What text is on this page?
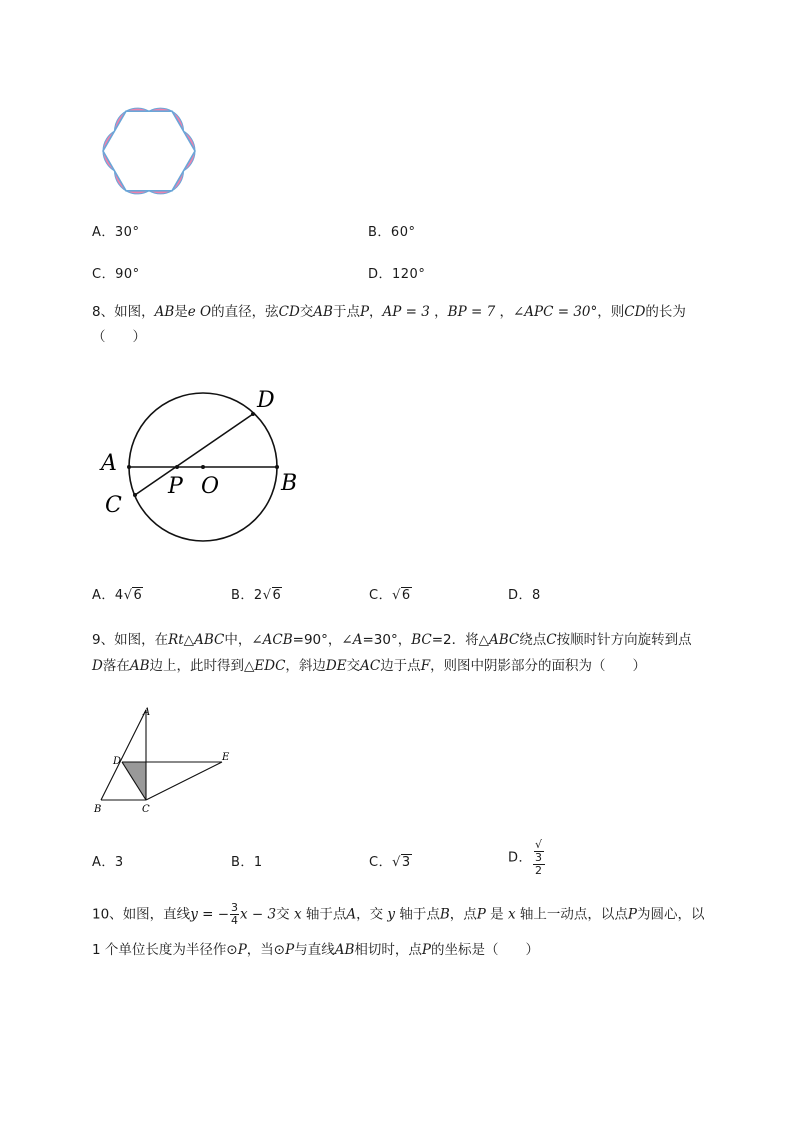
A．30°	B．60°
C．90°	D．120°
8、如图，AB是e O的直径，弦CD交AB于点P，AP = 3 ，BP = 7 ，∠APC = 30°，则CD的长为
（　　）
A
B
C
D
P O
A．4√6	B．2√6	C．√6	D．8
9、如图，在Rt△ABC中，∠ACB=90°，∠A=30°，BC=2．将△ABC绕点C按顺时针方向旋转到点
D落在AB边上，此时得到△EDC，斜边DE交AC边于点F，则图中阴影部分的面积为（　　）
A
B	C
D	E
A．3	B．1	C．√3	D． √
3
2
10、如图，直线y = − $\frac{3}{4}$ x − 3交 x 轴于点A，交 y 轴于点B，点P 是 x 轴上一动点，以点P为圆心，以
1 个单位长度为半径作⊙P，当⊙P与直线AB相切时，点P的坐标是（　　）
